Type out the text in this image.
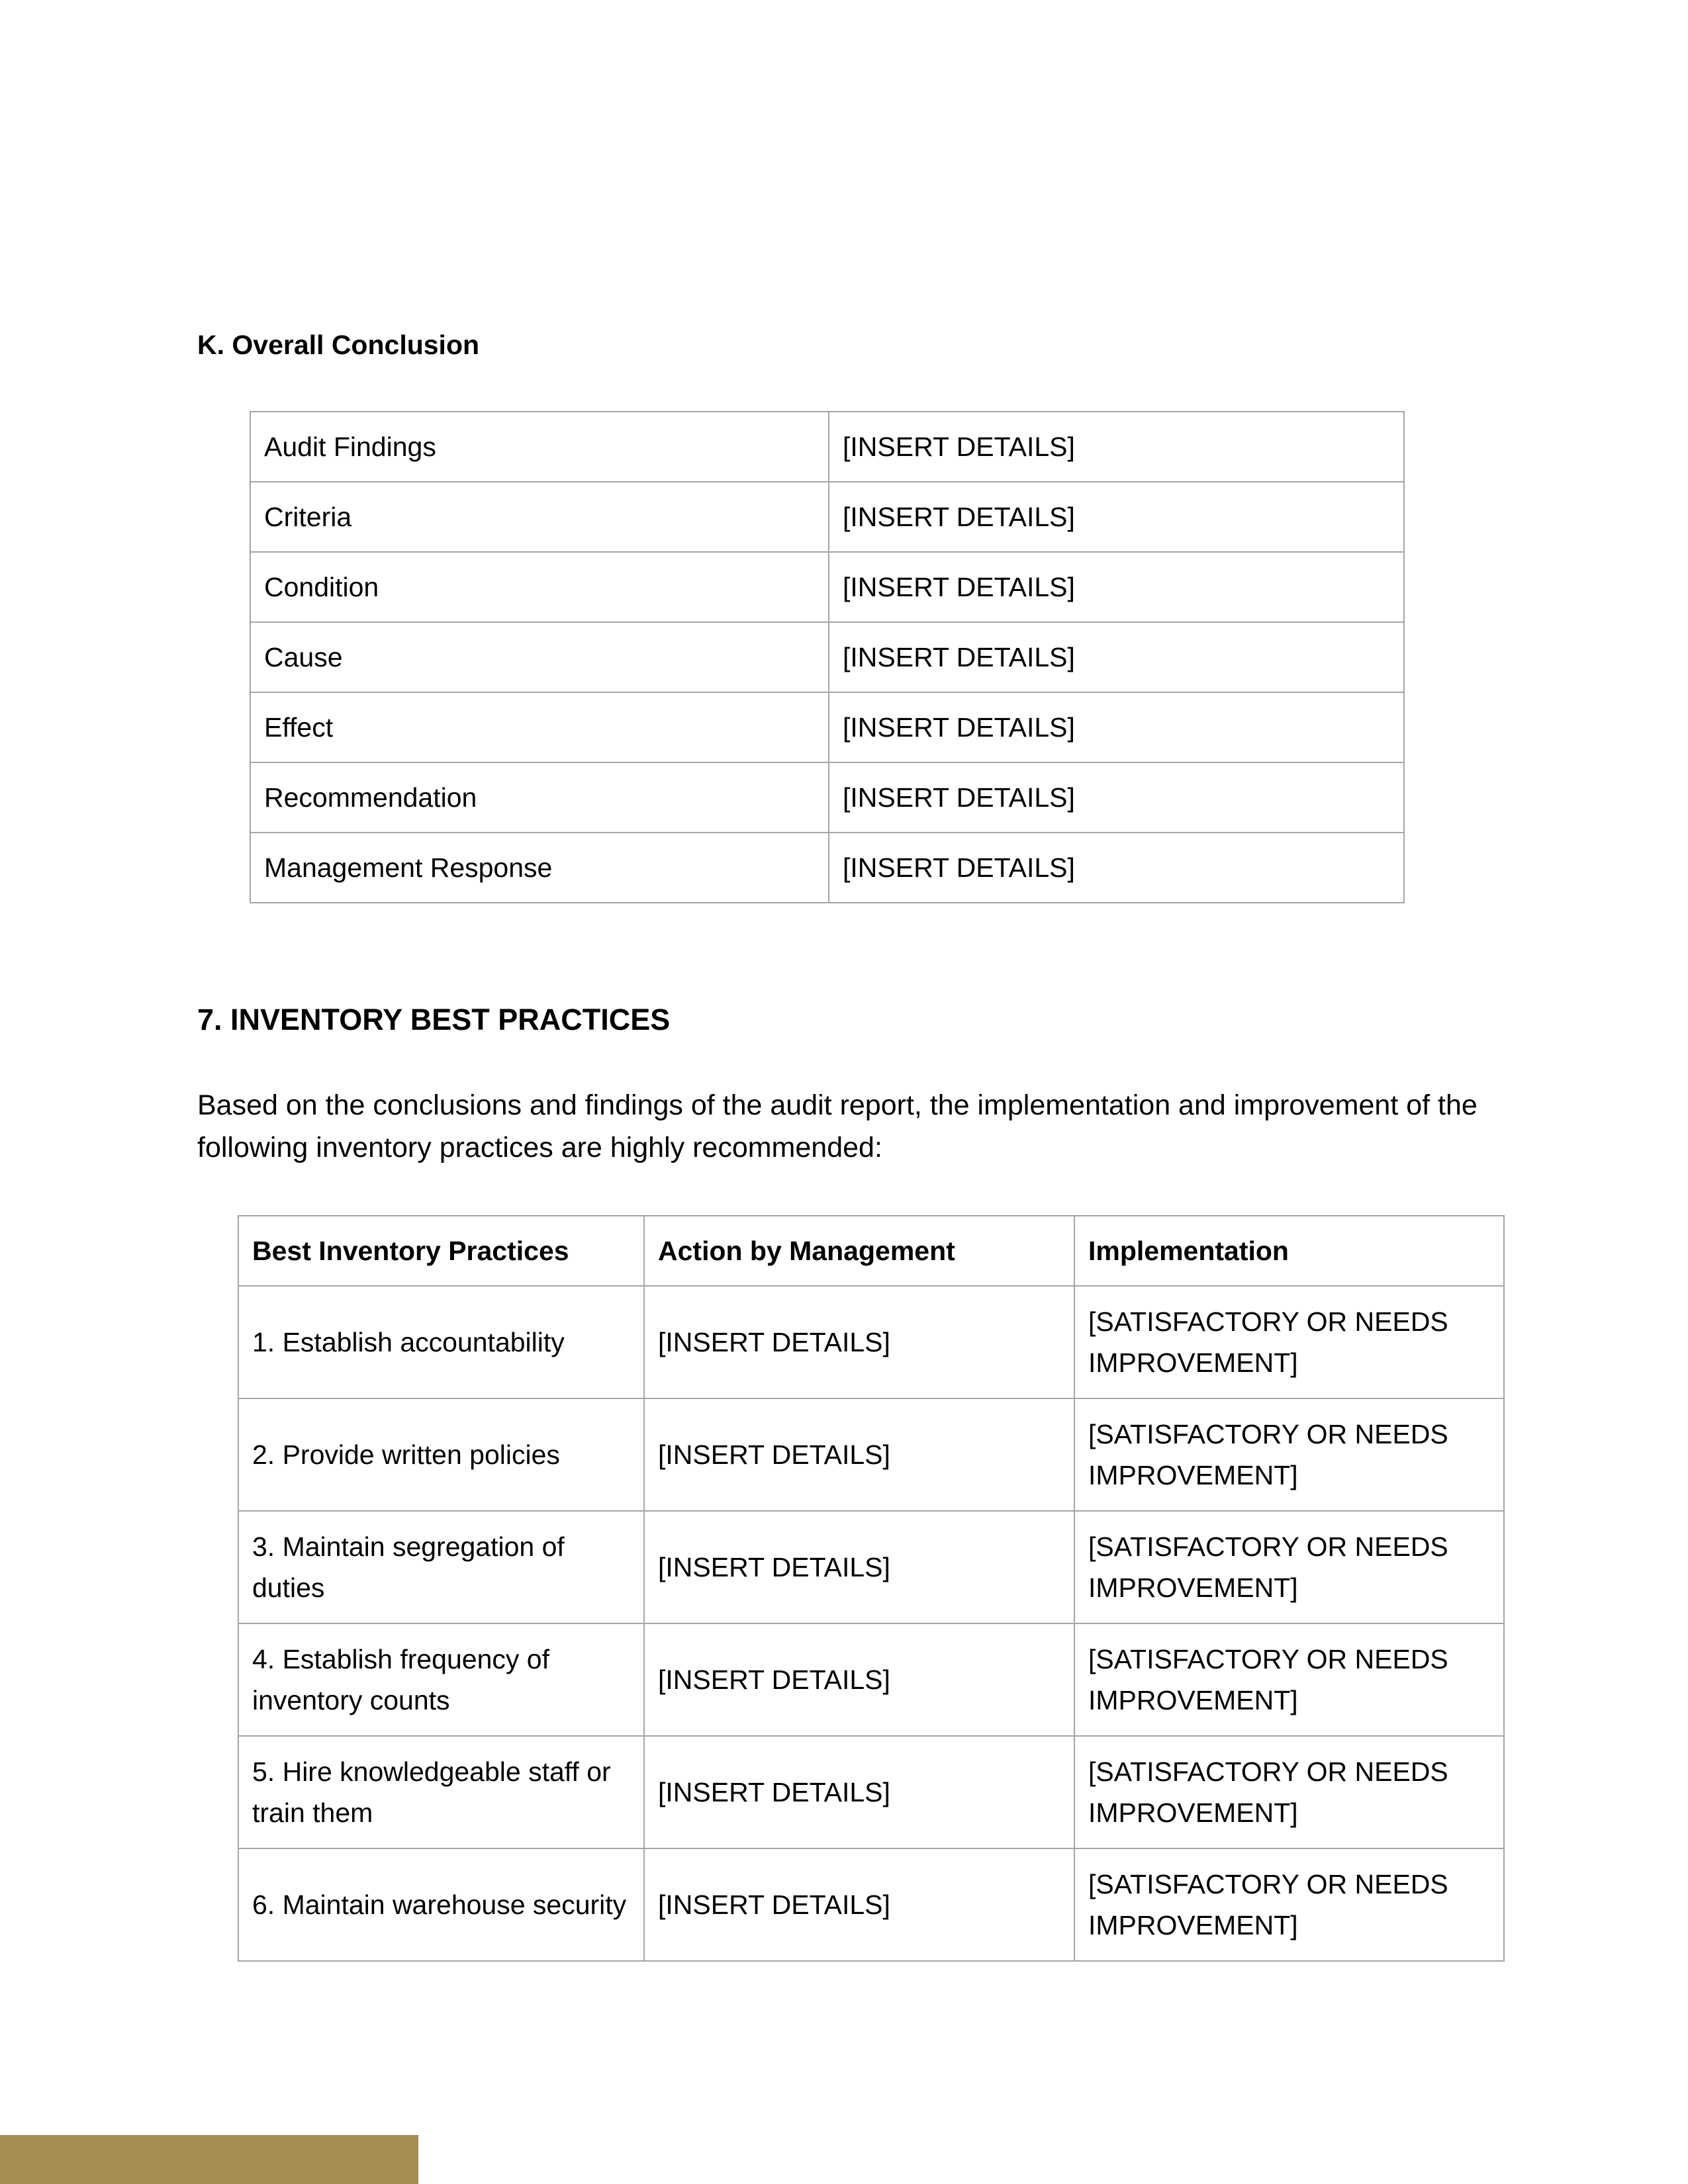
K. Overall Conclusion
Audit Findings	[INSERT DETAILS]
Criteria	[INSERT DETAILS]
Condition	[INSERT DETAILS]
Cause	[INSERT DETAILS]
Effect	[INSERT DETAILS]
Recommendation	[INSERT DETAILS]
Management Response	[INSERT DETAILS]
7. INVENTORY BEST PRACTICES

Based on the conclusions and findings of the audit report, the implementation and improvement of the following inventory practices are highly recommended:

Best Inventory Practices	Action by Management	Implementation
1. Establish accountability	[INSERT DETAILS]	[SATISFACTORY OR NEEDS IMPROVEMENT]
2. Provide written policies	[INSERT DETAILS]	[SATISFACTORY OR NEEDS IMPROVEMENT]
3. Maintain segregation of duties	[INSERT DETAILS]	[SATISFACTORY OR NEEDS IMPROVEMENT]
4. Establish frequency of inventory counts	[INSERT DETAILS]	[SATISFACTORY OR NEEDS IMPROVEMENT]
5. Hire knowledgeable staff or train them	[INSERT DETAILS]	[SATISFACTORY OR NEEDS IMPROVEMENT]
6. Maintain warehouse security	[INSERT DETAILS]	[SATISFACTORY OR NEEDS IMPROVEMENT]
